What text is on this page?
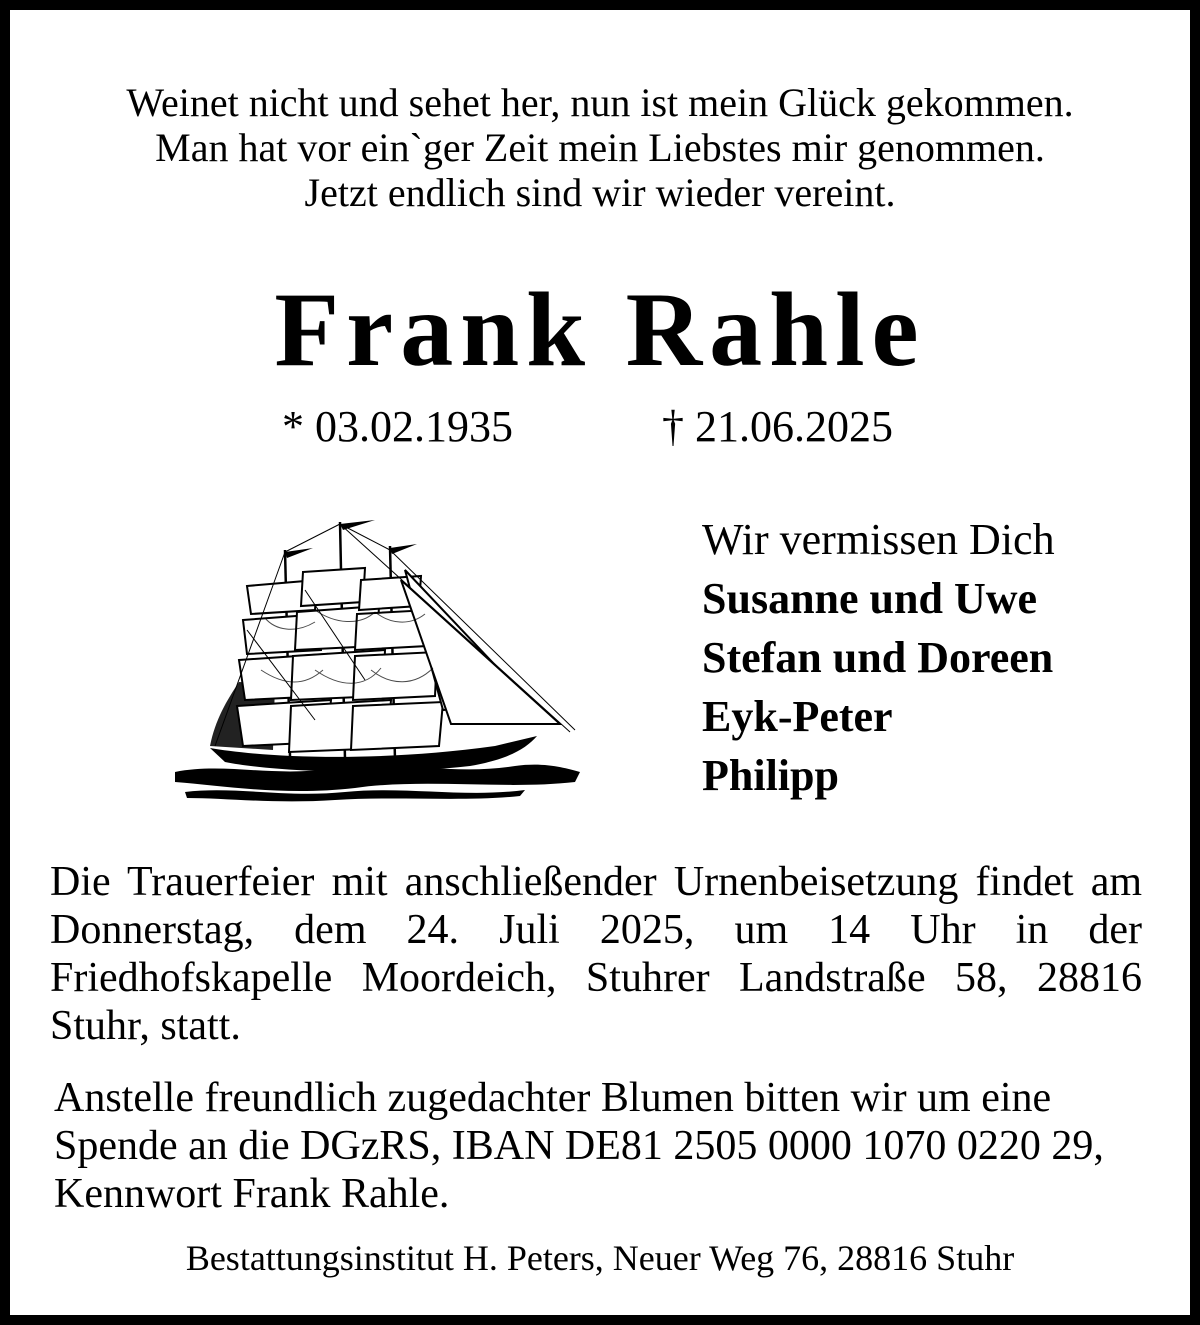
Weinet nicht und sehet her, nun ist mein Glück gekommen.
Man hat vor ein`ger Zeit mein Liebstes mir genommen.
Jetzt endlich sind wir wieder vereint.
Frank Rahle
* 03.02.1935	† 21.06.2025
Wir vermissen Dich
Susanne und Uwe
Stefan und Doreen
Eyk-Peter
Philipp
Die Trauerfeier mit anschließender Urnenbeisetzung findet am Donnerstag, dem 24. Juli 2025, um 14 Uhr in der Friedhofskapelle Moordeich, Stuhrer Landstraße 58, 28816 Stuhr, statt.
Anstelle freundlich zugedachter Blumen bitten wir um eine
Spende an die DGzRS, IBAN DE81 2505 0000 1070 0220 29,
Kennwort Frank Rahle.
Bestattungsinstitut H. Peters, Neuer Weg 76, 28816 Stuhr
